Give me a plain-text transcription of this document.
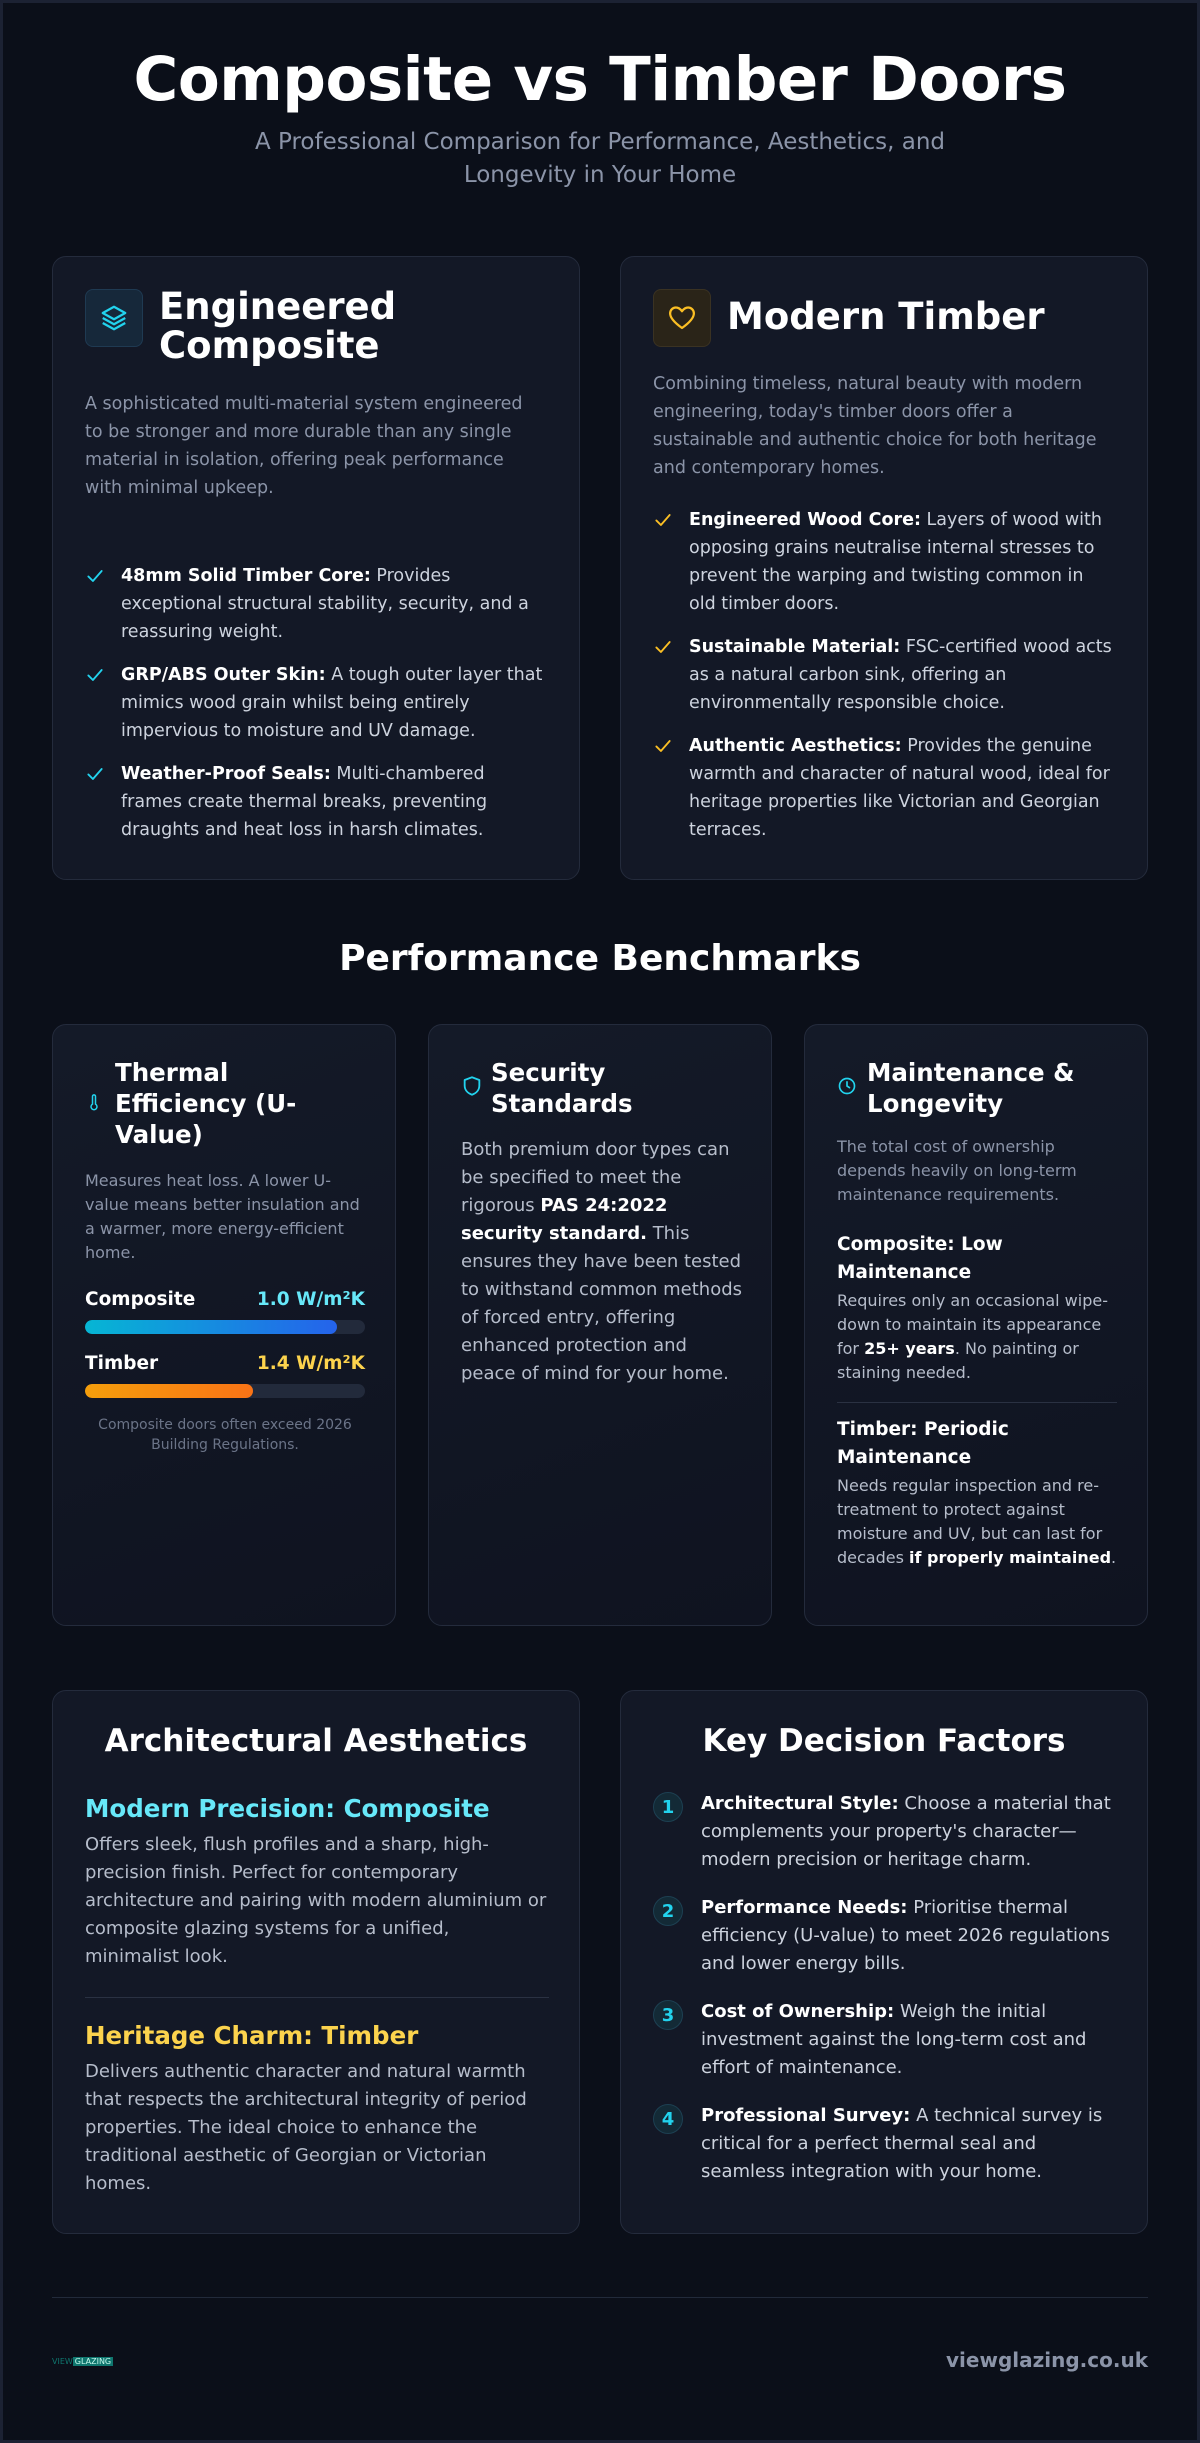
Composite vs Timber Doors

A Professional Comparison for Performance, Aesthetics, and Longevity in Your Home

Engineered Composite

A sophisticated multi-material system engineered to be stronger and more durable than any single material in isolation, offering peak performance with minimal upkeep.

48mm Solid Timber Core: Provides exceptional structural stability, security, and a reassuring weight.
GRP/ABS Outer Skin: A tough outer layer that mimics wood grain whilst being entirely impervious to moisture and UV damage.
Weather-Proof Seals: Multi-chambered frames create thermal breaks, preventing draughts and heat loss in harsh climates.
Modern Timber

Combining timeless, natural beauty with modern engineering, today's timber doors offer a sustainable and authentic choice for both heritage and contemporary homes.

Engineered Wood Core: Layers of wood with opposing grains neutralise internal stresses to prevent the warping and twisting common in old timber doors.
Sustainable Material: FSC-certified wood acts as a natural carbon sink, offering an environmentally responsible choice.
Authentic Aesthetics: Provides the genuine warmth and character of natural wood, ideal for heritage properties like Victorian and Georgian terraces.
Performance Benchmarks
Thermal Efficiency (U-Value)

Measures heat loss. A lower U-value means better insulation and a warmer, more energy-efficient home.

Composite	1.0 W/m²K
Timber	1.4 W/m²K

Composite doors often exceed 2026 Building Regulations.

Security Standards

Both premium door types can be specified to meet the rigorous PAS 24:2022 security standard. This ensures they have been tested to withstand common methods of forced entry, offering enhanced protection and peace of mind for your home.

Maintenance & Longevity

The total cost of ownership depends heavily on long-term maintenance requirements.

Composite: Low Maintenance
Requires only an occasional wipe-down to maintain its appearance for 25+ years. No painting or staining needed.
Timber: Periodic Maintenance
Needs regular inspection and re-treatment to protect against moisture and UV, but can last for decades if properly maintained.
Architectural Aesthetics
Modern Precision: Composite

Offers sleek, flush profiles and a sharp, high-precision finish. Perfect for contemporary architecture and pairing with modern aluminium or composite glazing systems for a unified, minimalist look.

Heritage Charm: Timber

Delivers authentic character and natural warmth that respects the architectural integrity of period properties. The ideal choice to enhance the traditional aesthetic of Georgian or Victorian homes.

Key Decision Factors
1	Architectural Style: Choose a material that complements your property's character—modern precision or heritage charm.
2	Performance Needs: Prioritise thermal efficiency (U-value) to meet 2026 regulations and lower energy bills.
3	Cost of Ownership: Weigh the initial investment against the long-term cost and effort of maintenance.
4	Professional Survey: A technical survey is critical for a perfect thermal seal and seamless integration with your home.
VIEW GLAZING	viewglazing.co.uk
